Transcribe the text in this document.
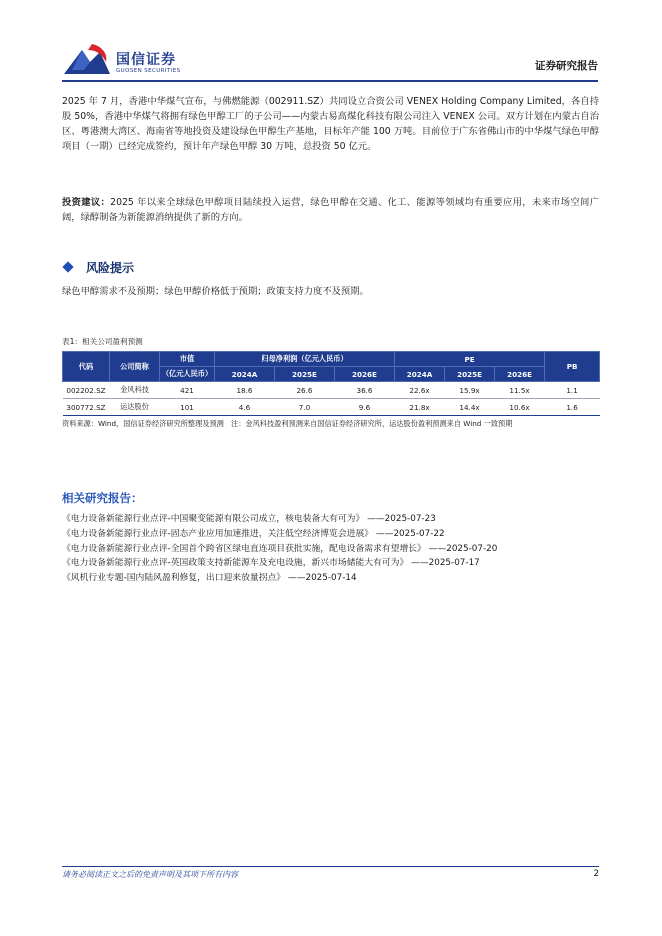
国信证券
GUOSEN SECURITIES	证券研究报告
2025 年 7 月，香港中华煤气宣布，与佛燃能源（002911.SZ）共同设立合资公司 VENEX Holding Company Limited，各自持股 50%，香港中华煤气将拥有绿色甲醇工厂的子公司——内蒙古易高煤化科技有限公司注入 VENEX 公司。双方计划在内蒙古自治区、粤港澳大湾区、海南省等地投资及建设绿色甲醇生产基地，目标年产能 100 万吨。目前位于广东省佛山市的中华煤气绿色甲醇项目（一期）已经完成签约，预计年产绿色甲醇 30 万吨，总投资 50 亿元。
投资建议：2025 年以来全球绿色甲醇项目陆续投入运营，绿色甲醇在交通、化工、能源等领域均有重要应用，未来市场空间广阔，绿醇制备为新能源消纳提供了新的方向。
风险提示
绿色甲醇需求不及预期；绿色甲醇价格低于预期；政策支持力度不及预期。
表1：相关公司盈利预测
代码	公司简称	市值	归母净利润（亿元人民币）			PE			PB
		（亿元人民币）	2024A	2025E	2026E	2024A	2025E	2026E	
002202.SZ	金风科技	421	18.6	26.6	36.6	22.6x	15.9x	11.5x	1.1
300772.SZ	运达股份	101	4.6	7.0	9.6	21.8x	14.4x	10.6x	1.6
资料来源：Wind，国信证券经济研究所整理及预测　注：金风科技盈利预测来自国信证券经济研究所，运达股份盈利预测来自 Wind 一致预期
相关研究报告：
《电力设备新能源行业点评-中国聚变能源有限公司成立，核电装备大有可为》 ——2025-07-23
《电力设备新能源行业点评-固态产业应用加速推进，关注低空经济博览会进展》 ——2025-07-22
《电力设备新能源行业点评-全国首个跨省区绿电直连项目获批实施，配电设备需求有望增长》 ——2025-07-20
《电力设备新能源行业点评-英国政策支持新能源车及充电设施，新兴市场储能大有可为》 ——2025-07-17
《风机行业专题-国内陆风盈利修复，出口迎来放量拐点》 ——2025-07-14
请务必阅读正文之后的免责声明及其项下所有内容	2
